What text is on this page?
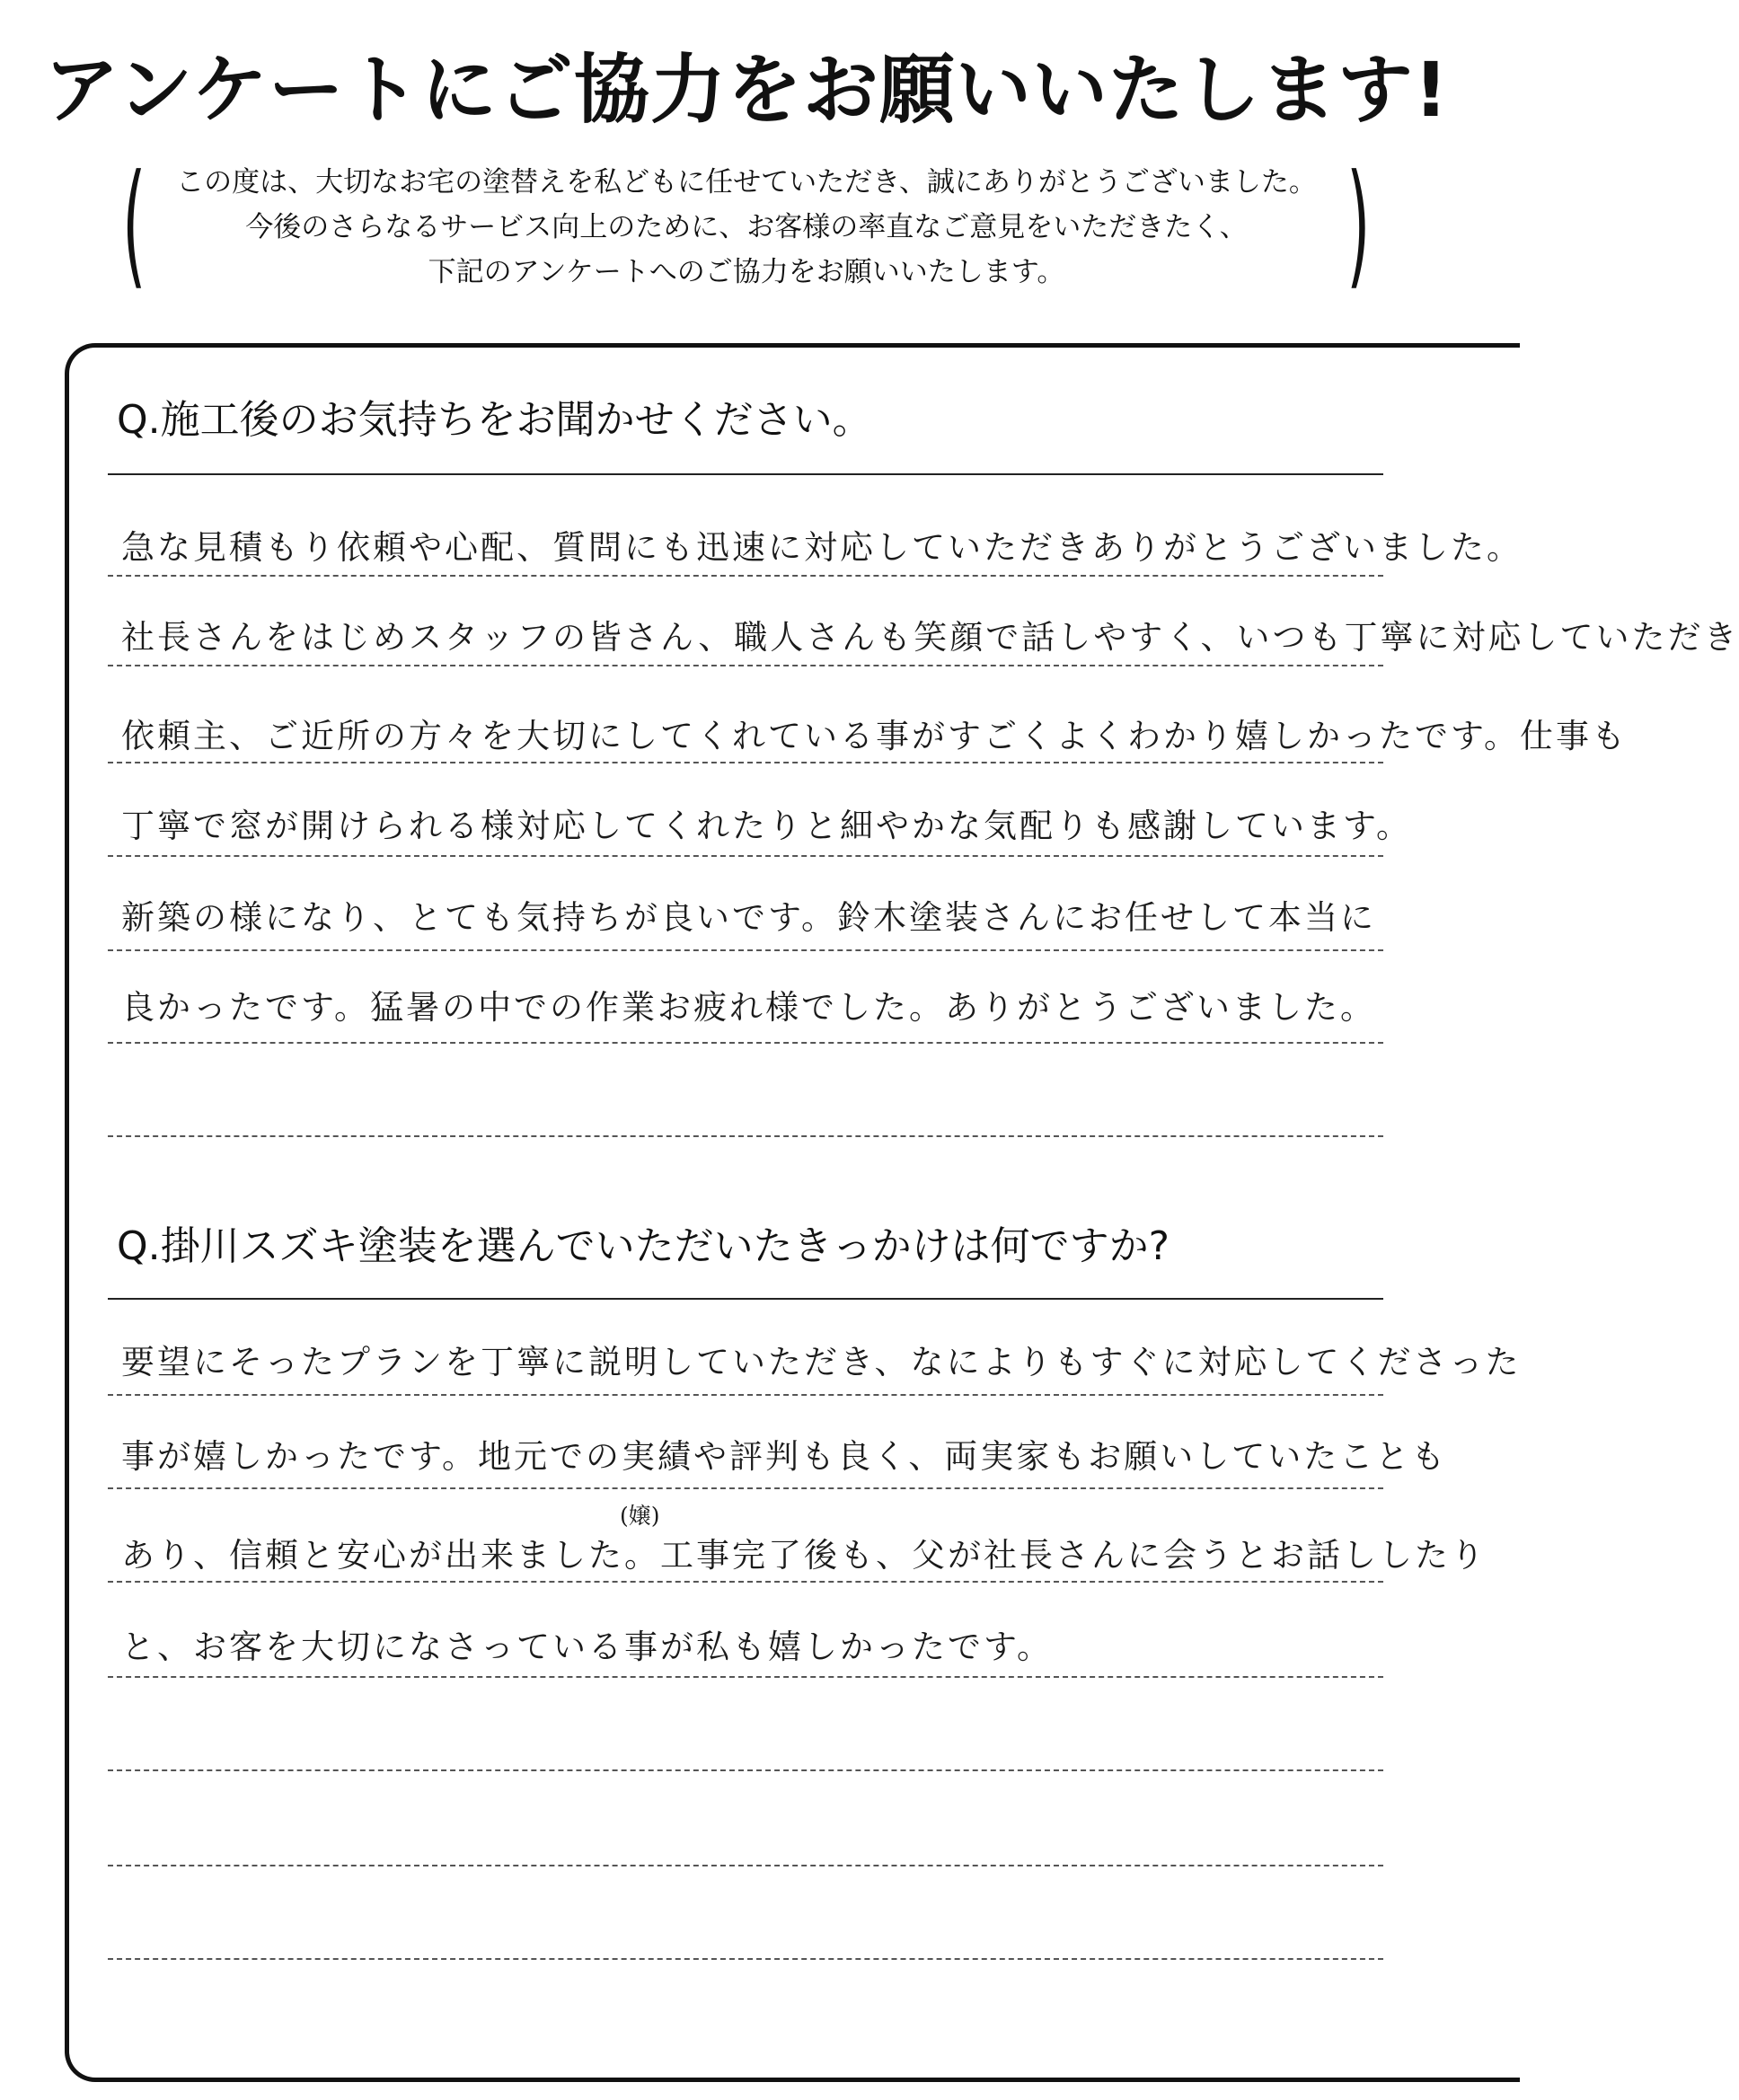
アンケートにご協力をお願いいたします!
(	)
この度は、大切なお宅の塗替えを私どもに任せていただき、誠にありがとうございました。
今後のさらなるサービス向上のために、お客様の率直なご意見をいただきたく、
下記のアンケートへのご協力をお願いいたします。
Q.施工後のお気持ちをお聞かせください。
急な見積もり依頼や心配、質問にも迅速に対応していただきありがとうございました。
社長さんをはじめスタッフの皆さん、職人さんも笑顔で話しやすく、いつも丁寧に対応していただき
依頼主、ご近所の方々を大切にしてくれている事がすごくよくわかり嬉しかったです。仕事も
丁寧で窓が開けられる様対応してくれたりと細やかな気配りも感謝しています。
新築の様になり、とても気持ちが良いです。鈴木塗装さんにお任せして本当に
良かったです。猛暑の中での作業お疲れ様でした。ありがとうございました。
Q.掛川スズキ塗装を選んでいただいたきっかけは何ですか?
要望にそったプランを丁寧に説明していただき、なによりもすぐに対応してくださった
事が嬉しかったです。地元での実績や評判も良く、両実家もお願いしていたことも
(嬢)
あり、信頼と安心が出来ました。工事完了後も、父が社長さんに会うとお話ししたり
と、お客を大切になさっている事が私も嬉しかったです。
